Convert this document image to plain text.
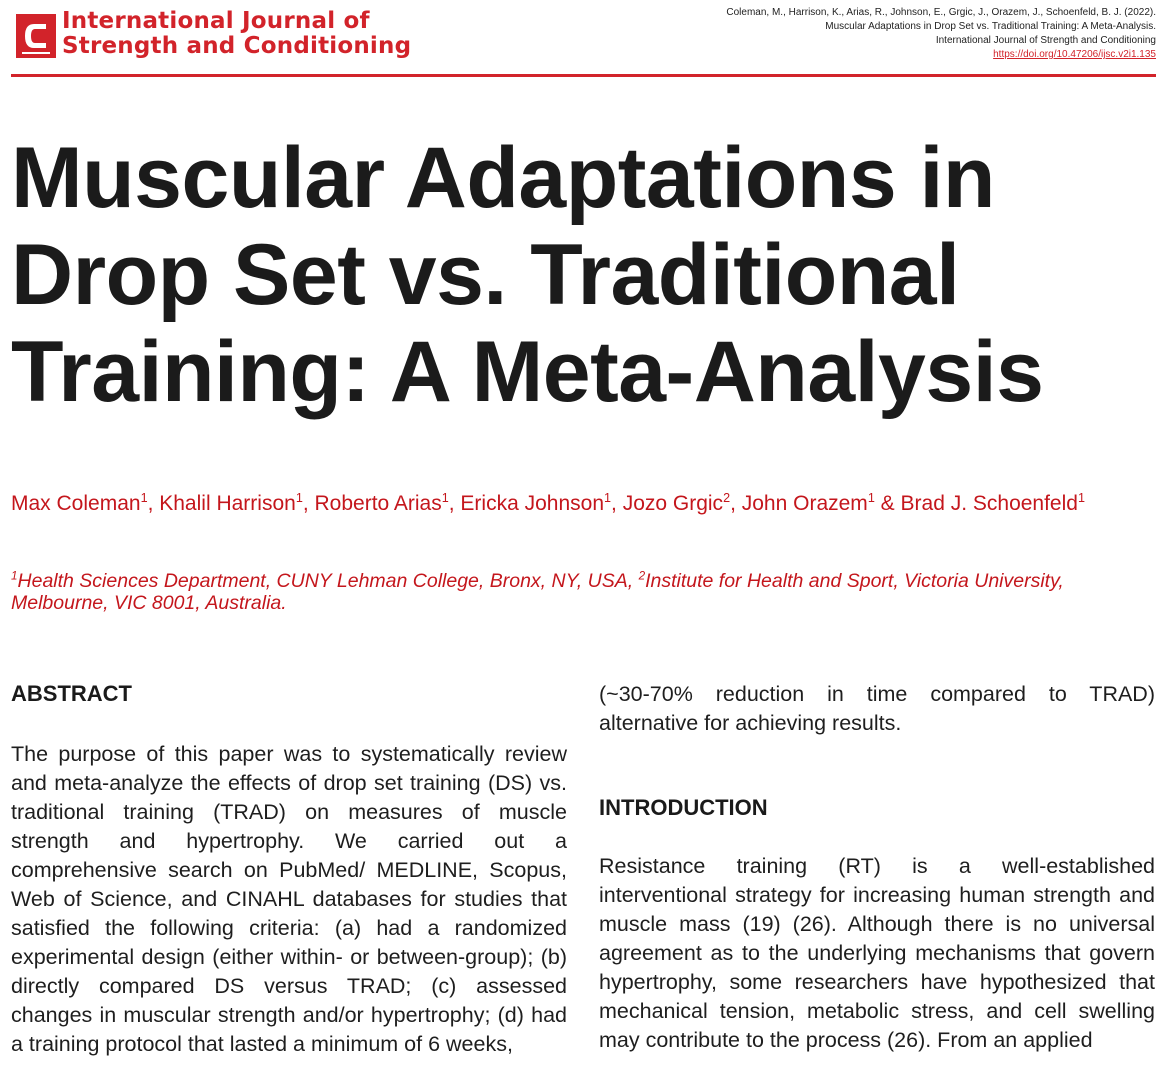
International Journal of
Strength and Conditioning
Coleman, M., Harrison, K., Arias, R., Johnson, E., Grgic, J., Orazem, J., Schoenfeld, B. J. (2022).
Muscular Adaptations in Drop Set vs. Traditional Training: A Meta-Analysis.
International Journal of Strength and Conditioning
https://doi.org/10.47206/ijsc.v2i1.135
Muscular Adaptations in
Drop Set vs. Traditional
Training: A Meta-Analysis

Max Coleman$^1$, Khalil Harrison$^1$, Roberto Arias$^1$, Ericka Johnson$^1$, Jozo Grgic$^2$, John Orazem$^1$ & Brad J. Schoenfeld$^1$

$^1$Health Sciences Department, CUNY Lehman College, Bronx, NY, USA, $^2$Institute for Health and Sport, Victoria University, Melbourne, VIC 8001, Australia.

ABSTRACT

The purpose of this paper was to systematically review and meta-analyze the effects of drop set training (DS) vs. traditional training (TRAD) on measures of muscle strength and hypertrophy. We carried out a comprehensive search on PubMed/ MEDLINE, Scopus, Web of Science, and CINAHL databases for studies that satisfied the following criteria: (a) had a randomized experimental design (either within- or between-group); (b) directly compared DS versus TRAD; (c) assessed changes in muscular strength and/or hypertrophy; (d) had a training protocol that lasted a minimum of 6 weeks,

(~30-70% reduction in time compared to TRAD) alternative for achieving results.

INTRODUCTION

Resistance training (RT) is a well-established interventional strategy for increasing human strength and muscle mass (19) (26). Although there is no universal agreement as to the underlying mechanisms that govern hypertrophy, some researchers have hypothesized that mechanical tension, metabolic stress, and cell swelling may contribute to the process (26). From an applied
